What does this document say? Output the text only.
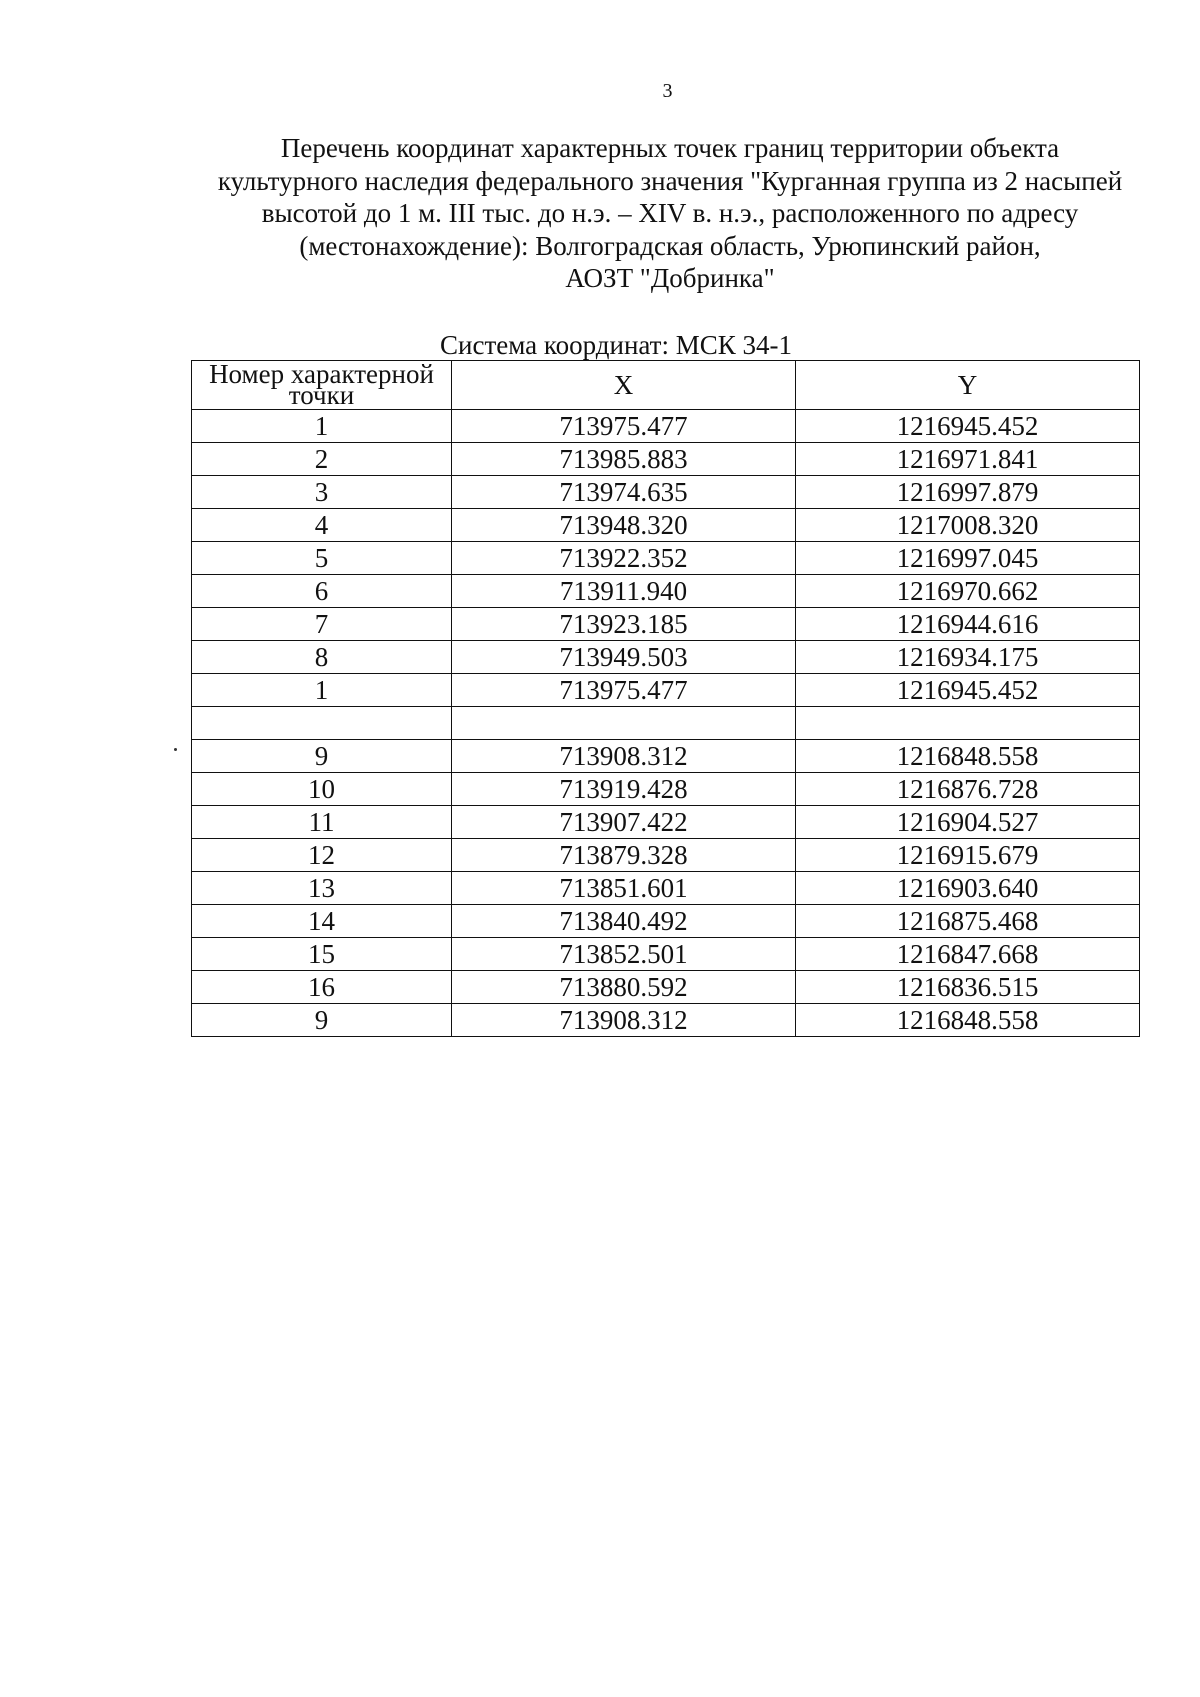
3
Перечень координат характерных точек границ территории объекта
культурного наследия федерального значения "Курганная группа из 2 насыпей
высотой до 1 м. III тыс. до н.э. – XIV в. н.э., расположенного по адресу
(местонахождение): Волгоградская область, Урюпинский район,
АОЗТ "Добринка"
Система координат: МСК 34-1
Номер характерной точки	X	Y
1	713975.477	1216945.452
2	713985.883	1216971.841
3	713974.635	1216997.879
4	713948.320	1217008.320
5	713922.352	1216997.045
6	713911.940	1216970.662
7	713923.185	1216944.616
8	713949.503	1216934.175
1	713975.477	1216945.452

9	713908.312	1216848.558
10	713919.428	1216876.728
11	713907.422	1216904.527
12	713879.328	1216915.679
13	713851.601	1216903.640
14	713840.492	1216875.468
15	713852.501	1216847.668
16	713880.592	1216836.515
9	713908.312	1216848.558
